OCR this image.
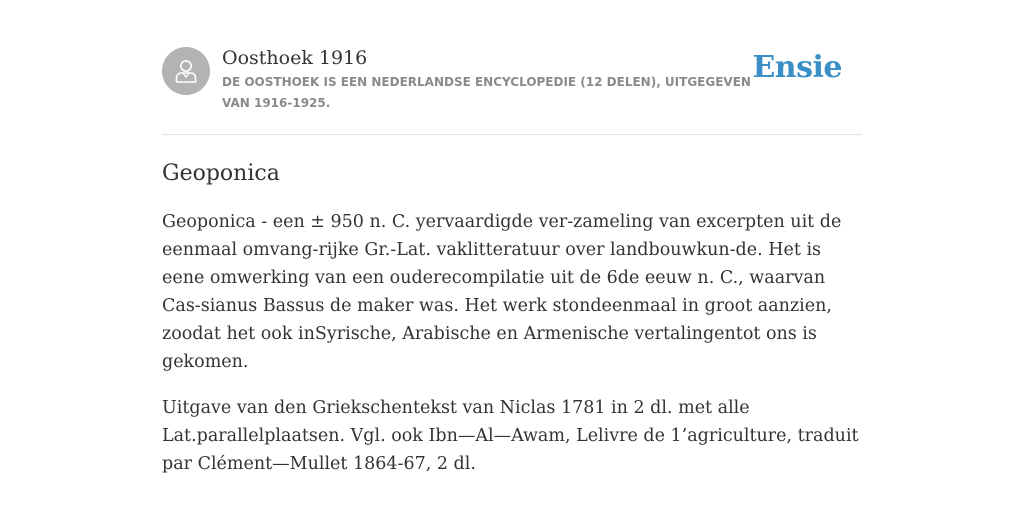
Oosthoek 1916
DE OOSTHOEK IS EEN NEDERLANDSE ENCYCLOPEDIE (12 DELEN), UITGEGEVEN VAN 1916-1925.
Ensie
Geoponica

Geoponica - een ± 950 n. C. yervaardigde ver-zameling van excerpten uit de eenmaal omvang-rijke Gr.-Lat. vaklitteratuur over landbouwkun-de. Het is eene omwerking van een ouderecompilatie uit de 6de eeuw n. C., waarvan Cas-sianus Bassus de maker was. Het werk stondeenmaal in groot aanzien, zoodat het ook inSyrische, Arabische en Armenische vertalingentot ons is gekomen.

Uitgave van den Griekschentekst van Niclas 1781 in 2 dl. met alle Lat.parallelplaatsen. Vgl. ook Ibn—Al—Awam, Lelivre de 1’agriculture, traduit par Clément—Mullet 1864-67, 2 dl.
